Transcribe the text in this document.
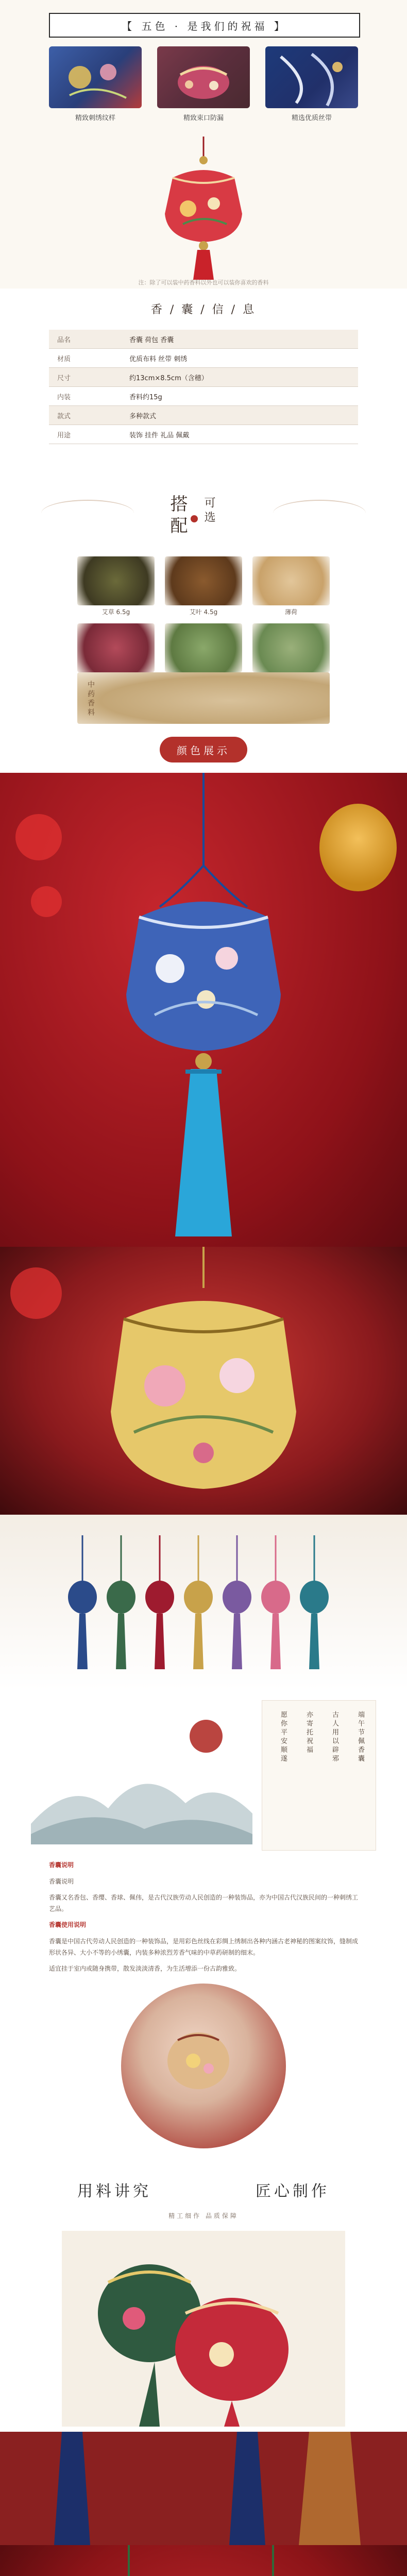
【 五色 · 是我们的祝福 】
精致刺绣纹样	精致束口防漏	精选优质丝带
注：除了可以装中药香料以外也可以装你喜欢的香料
香 / 囊 / 信 / 息
品名	香囊 荷包 香囊
材质	优质布料 丝带 刺绣
尺寸	约13cm×8.5cm（含穗）
内装	香料约15g
款式	多种款式
用途	装饰 挂件 礼品 佩戴
搭配 可选
艾草 6.5g	艾叶 4.5g	薄荷
中药香料
颜色展示
端午节佩香囊
古人用以辟邪
亦寄托祝福
愿你平安顺遂

香囊说明

香囊说明

香囊又名香包、香缨、香球、佩伟，是古代汉族劳动人民创造的一种装饰品，亦为中国古代汉族民间的一种刺绣工艺品。

香囊使用说明

香囊是中国古代劳动人民创造的一种装饰品，是用彩色丝线在彩绸上绣制出各种内涵古老神秘的图案纹饰，缝制成形状各异、大小不等的小绣囊，内装多种浓烈芳香气味的中草药研制的细末。

适宜挂于室内或随身携带，散发淡淡清香，为生活增添一份古韵雅致。

用料讲究	匠心制作
精工细作 品质保障
